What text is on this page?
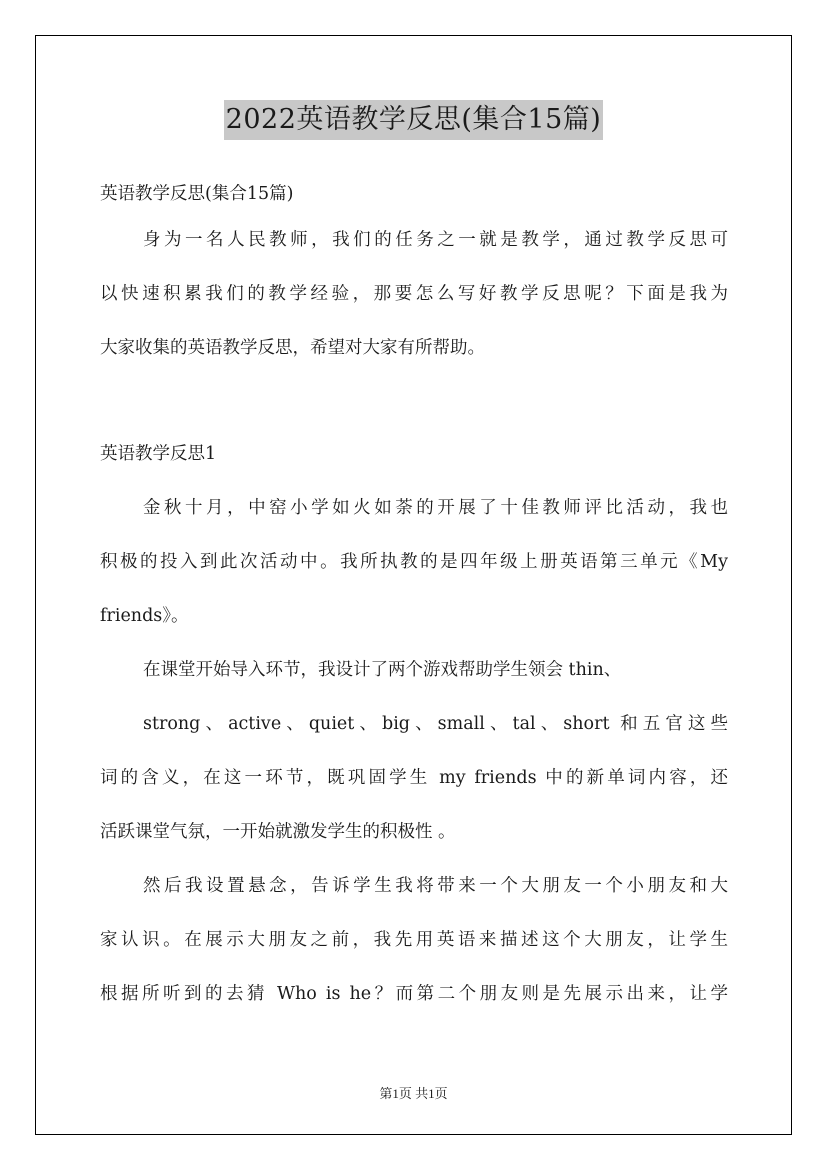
2022英语教学反思(集合15篇)
英语教学反思(集合15篇)
身为一名人民教师，我们的任务之一就是教学，通过教学反思可
以快速积累我们的教学经验，那要怎么写好教学反思呢？下面是我为
大家收集的英语教学反思，希望对大家有所帮助。
英语教学反思1
金秋十月，中窑小学如火如荼的开展了十佳教师评比活动，我也
积极的投入到此次活动中。我所执教的是四年级上册英语第三单元《My
friends》。
在课堂开始导入环节，我设计了两个游戏帮助学生领会 thin、
strong、active、quiet、big、small、tal、short 和五官这些
词的含义，在这一环节，既巩固学生 my friends 中的新单词内容，还
活跃课堂气氛，一开始就激发学生的积极性 。
然后我设置悬念，告诉学生我将带来一个大朋友一个小朋友和大
家认识。在展示大朋友之前，我先用英语来描述这个大朋友，让学生
根据所听到的去猜 Who is he？而第二个朋友则是先展示出来，让学
第1页 共1页
